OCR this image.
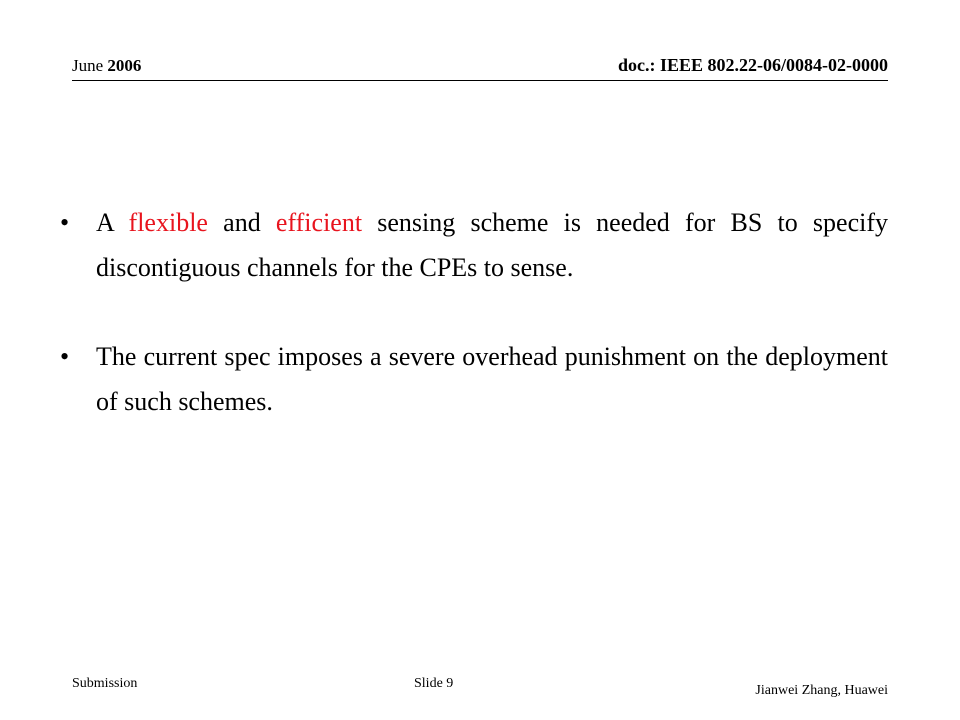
June 2006	doc.: IEEE 802.22-06/0084-02-0000
• A flexible and efficient sensing scheme is needed for BS to specify discontiguous channels for the CPEs to sense.
• The current spec imposes a severe overhead punishment on the deployment of such schemes.
Submission	Slide 9	Jianwei Zhang, Huawei
